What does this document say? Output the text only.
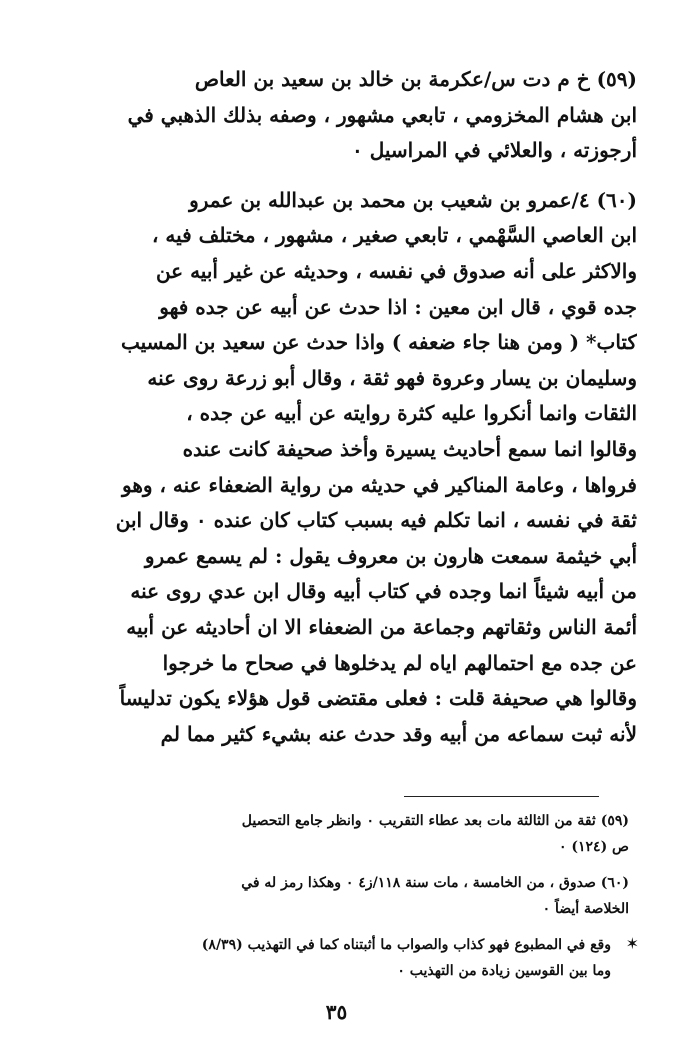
(٥٩) خ م دت س/عكرمة بن خالد بن سعيد بن العاص
ابن هشام المخزومي ، تابعي مشهور ، وصفه بذلك الذهبي في
أرجوزته ، والعلائي في المراسيل ٠
(٦٠) ٤/عمرو بن شعيب بن محمد بن عبدالله بن عمرو
ابن العاصي السَّهْمي ، تابعي صغير ، مشهور ، مختلف فيه ،
والاكثر على أنه صدوق في نفسه ، وحديثه عن غير أبيه عن
جده قوي ، قال ابن معين : اذا حدث عن أبيه عن جده فهو
كتاب* ( ومن هنا جاء ضعفه ) واذا حدث عن سعيد بن المسيب
وسليمان بن يسار وعروة فهو ثقة ، وقال أبو زرعة روى عنه
الثقات وانما أنكروا عليه كثرة روايته عن أبيه عن جده ،
وقالوا انما سمع أحاديث يسيرة وأخذ صحيفة كانت عنده
فرواها ، وعامة المناكير في حديثه من رواية الضعفاء عنه ، وهو
ثقة في نفسه ، انما تكلم فيه بسبب كتاب كان عنده ٠ وقال ابن
أبي خيثمة سمعت هارون بن معروف يقول : لم يسمع عمرو
من أبيه شيئاً انما وجده في كتاب أبيه وقال ابن عدي روى عنه
أئمة الناس وثقاتهم وجماعة من الضعفاء الا ان أحاديثه عن أبيه
عن جده مع احتمالهم اياه لم يدخلوها في صحاح ما خرجوا
وقالوا هي صحيفة قلت : فعلى مقتضى قول هؤلاء يكون تدليساً
لأنه ثبت سماعه من أبيه وقد حدث عنه بشيء كثير مما لم
(٥٩) ثقة من الثالثة مات بعد عطاء التقريب ٠ وانظر جامع التحصيل
ص (١٢٤) ٠
(٦٠) صدوق ، من الخامسة ، مات سنة ١١٨/ز٤ ٠ وهكذا رمز له في
الخلاصة أيضاً ٠
✶
وقع في المطبوع فهو كذاب والصواب ما أثبتناه كما في التهذيب (٨/٣٩)
وما بين القوسين زيادة من التهذيب ٠
٣٥
